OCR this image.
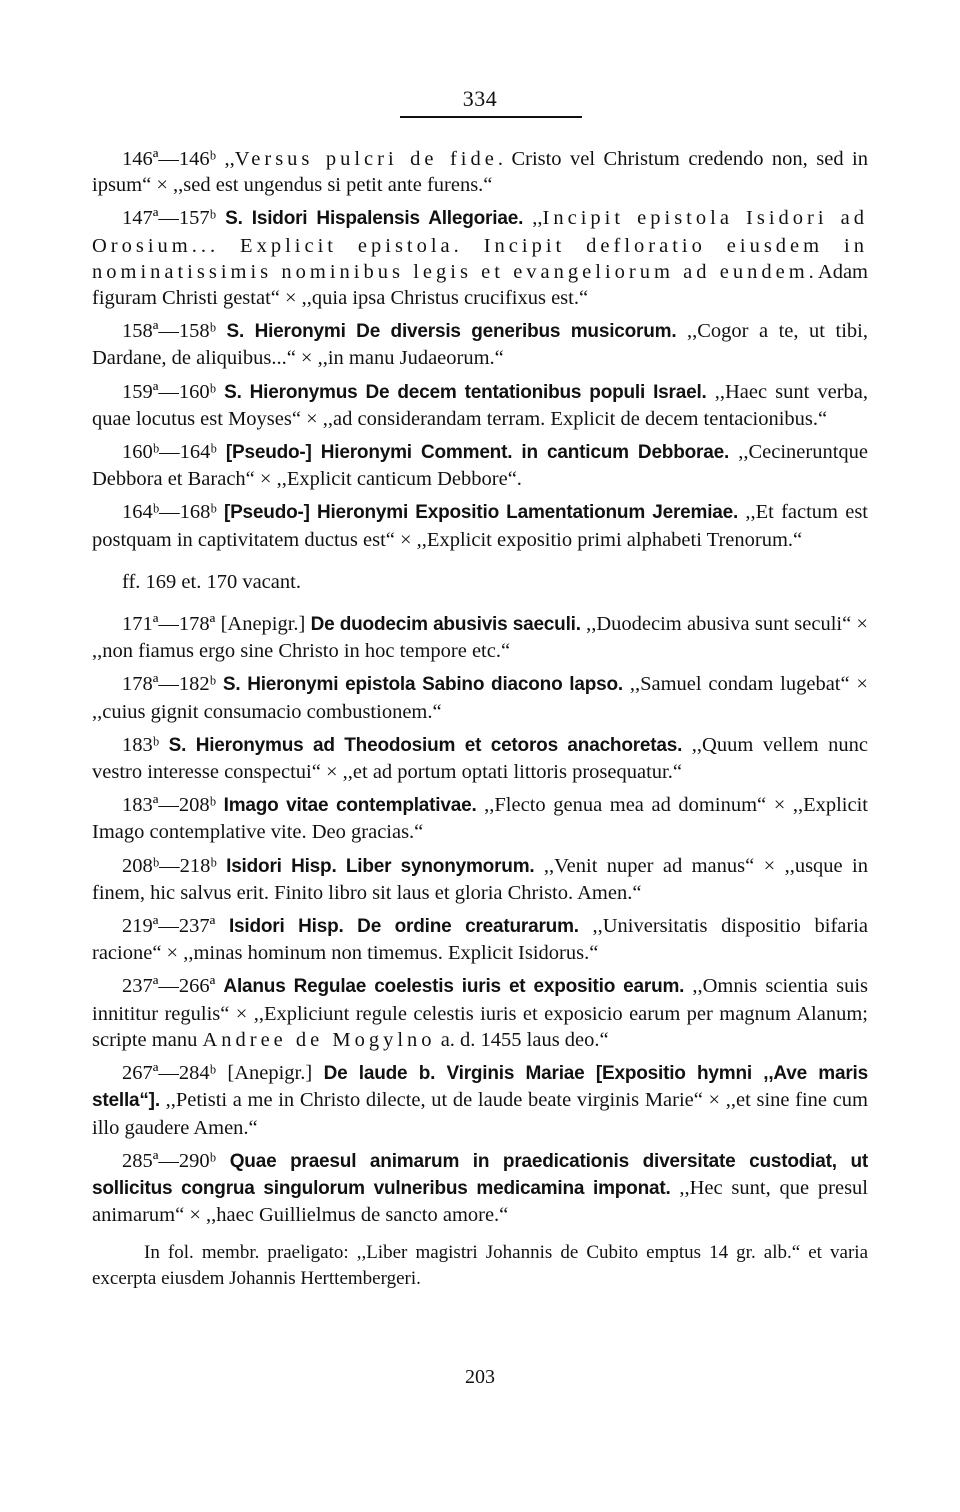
334

146ª—146ᵇ ,,Versus pulcri de fide. Cristo vel Christum credendo non, sed in ipsum“ × ,,sed est ungendus si petit ante furens.“

147ª—157ᵇ S. Isidori Hispalensis Allegoriae. ,,Incipit epistola Isidori ad Orosium... Explicit epistola. Incipit defloratio eiusdem in nominatissimis nominibus legis et evangeliorum ad eundem. Adam figuram Christi gestat“ × ,,quia ipsa Christus crucifixus est.“

158ª—158ᵇ S. Hieronymi De diversis generibus musicorum. ,,Cogor a te, ut tibi, Dardane, de aliquibus...“ × ,,in manu Judaeorum.“

159ª—160ᵇ S. Hieronymus De decem tentationibus populi Israel. ,,Haec sunt verba, quae locutus est Moyses“ × ,,ad considerandam terram. Explicit de decem tentacionibus.“

160ᵇ—164ᵇ [Pseudo-] Hieronymi Comment. in canticum Debborae. ,,Cecineruntque Debbora et Barach“ × ,,Explicit canticum Debbore“.

164ᵇ—168ᵇ [Pseudo-] Hieronymi Expositio Lamentationum Jeremiae. ,,Et factum est postquam in captivitatem ductus est“ × ,,Explicit expositio primi alphabeti Trenorum.“

ff. 169 et. 170 vacant.

171ª—178ª [Anepigr.] De duodecim abusivis saeculi. ,,Duodecim abusiva sunt seculi“ × ,,non fiamus ergo sine Christo in hoc tempore etc.“

178ª—182ᵇ S. Hieronymi epistola Sabino diacono lapso. ,,Samuel condam lugebat“ × ,,cuius gignit consumacio combustionem.“

183ᵇ S. Hieronymus ad Theodosium et cetoros anachoretas. ,,Quum vellem nunc vestro interesse conspectui“ × ,,et ad portum optati littoris prosequatur.“

183ª—208ᵇ Imago vitae contemplativae. ,,Flecto genua mea ad dominum“ × ,,Explicit Imago contemplative vite. Deo gracias.“

208ᵇ—218ᵇ Isidori Hisp. Liber synonymorum. ,,Venit nuper ad manus“ × ,,usque in finem, hic salvus erit. Finito libro sit laus et gloria Christo. Amen.“

219ª—237ª Isidori Hisp. De ordine creaturarum. ,,Universitatis dispositio bifaria racione“ × ,,minas hominum non timemus. Explicit Isidorus.“

237ª—266ª Alanus Regulae coelestis iuris et expositio earum. ,,Omnis scientia suis innititur regulis“ × ,,Expliciunt regule celestis iuris et exposicio earum per magnum Alanum; scripte manu Andree de Mogylno a. d. 1455 laus deo.“

267ª—284ᵇ [Anepigr.] De laude b. Virginis Mariae [Expositio hymni ,,Ave maris stella“]. ,,Petisti a me in Christo dilecte, ut de laude beate virginis Marie“ × ,,et sine fine cum illo gaudere Amen.“

285ª—290ᵇ Quae praesul animarum in praedicationis diversitate custodiat, ut sollicitus congrua singulorum vulneribus medicamina imponat. ,,Hec sunt, que presul animarum“ × ,,haec Guillielmus de sancto amore.“

In fol. membr. praeligato: ,,Liber magistri Johannis de Cubito emptus 14 gr. alb.“ et varia excerpta eiusdem Johannis Herttembergeri.

203
